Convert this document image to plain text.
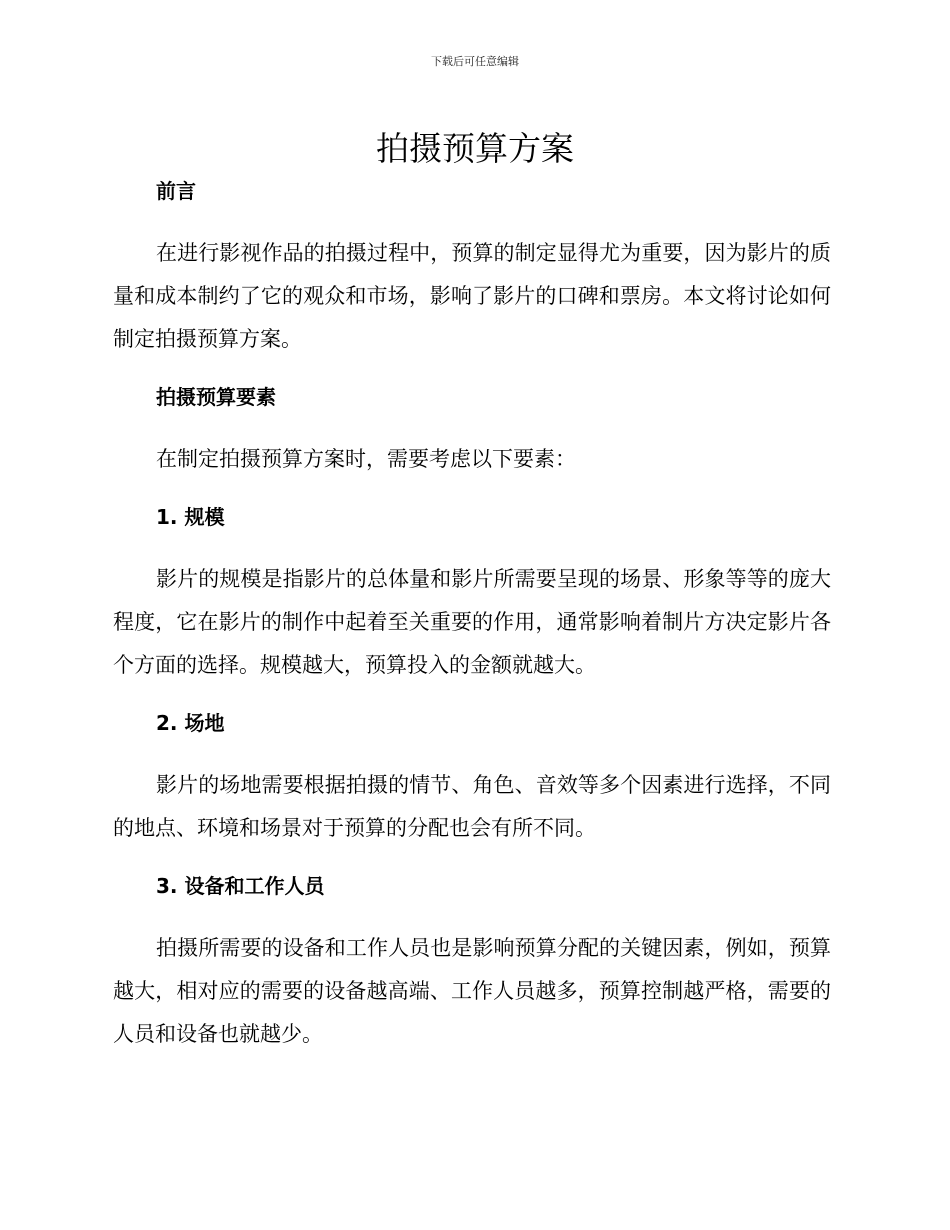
下载后可任意编辑
拍摄预算方案
前言

在进行影视作品的拍摄过程中，预算的制定显得尤为重要，因为影片的质量和成本制约了它的观众和市场，影响了影片的口碑和票房。本文将讨论如何制定拍摄预算方案。

拍摄预算要素

在制定拍摄预算方案时，需要考虑以下要素：

1. 规模

影片的规模是指影片的总体量和影片所需要呈现的场景、形象等等的庞大程度，它在影片的制作中起着至关重要的作用，通常影响着制片方决定影片各个方面的选择。规模越大，预算投入的金额就越大。

2. 场地

影片的场地需要根据拍摄的情节、角色、音效等多个因素进行选择，不同的地点、环境和场景对于预算的分配也会有所不同。

3. 设备和工作人员

拍摄所需要的设备和工作人员也是影响预算分配的关键因素，例如，预算越大，相对应的需要的设备越高端、工作人员越多，预算控制越严格，需要的人员和设备也就越少。
